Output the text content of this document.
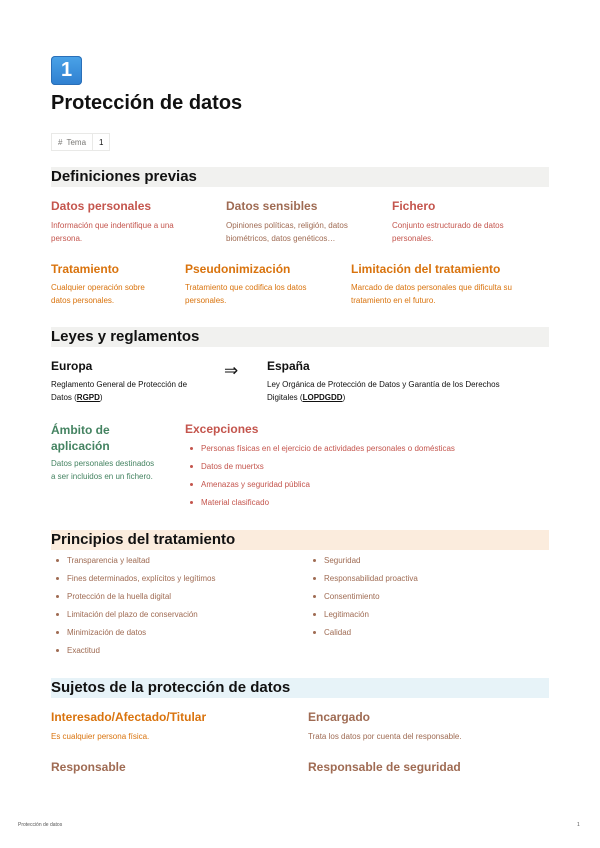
1
Protección de datos
# Tema	1
Definiciones previas
Datos personales
Información que indentifique a una
persona.
Datos sensibles
Opiniones políticas, religión, datos
biométricos, datos genéticos…
Fichero
Conjunto estructurado de datos
personales.
Tratamiento
Cualquier operación sobre
datos personales.
Pseudonimización
Tratamiento que codifica los datos
personales.
Limitación del tratamiento
Marcado de datos personales que dificulta su
tratamiento en el futuro.
Leyes y reglamentos
Europa
Reglamento General de Protección de
Datos (RGPD)
⇒ España
Ley Orgánica de Protección de Datos y Garantía de los Derechos
Digitales (LOPDGDD)
Ámbito de
aplicación
Datos personales destinados
a ser incluidos en un fichero.
Excepciones
Personas físicas en el ejercicio de actividades personales o domésticas
Datos de muertxs
Amenazas y seguridad pública
Material clasificado
Principios del tratamiento
Transparencia y lealtad
Fines determinados, explícitos y legítimos
Protección de la huella digital
Limitación del plazo de conservación
Minimización de datos
Exactitud
Seguridad
Responsabilidad proactiva
Consentimiento
Legitimación
Calidad
Sujetos de la protección de datos
Interesado/Afectado/Titular
Es cualquier persona física.
Encargado
Trata los datos por cuenta del responsable.
Responsable	Responsable de seguridad
Protección de datos	1
